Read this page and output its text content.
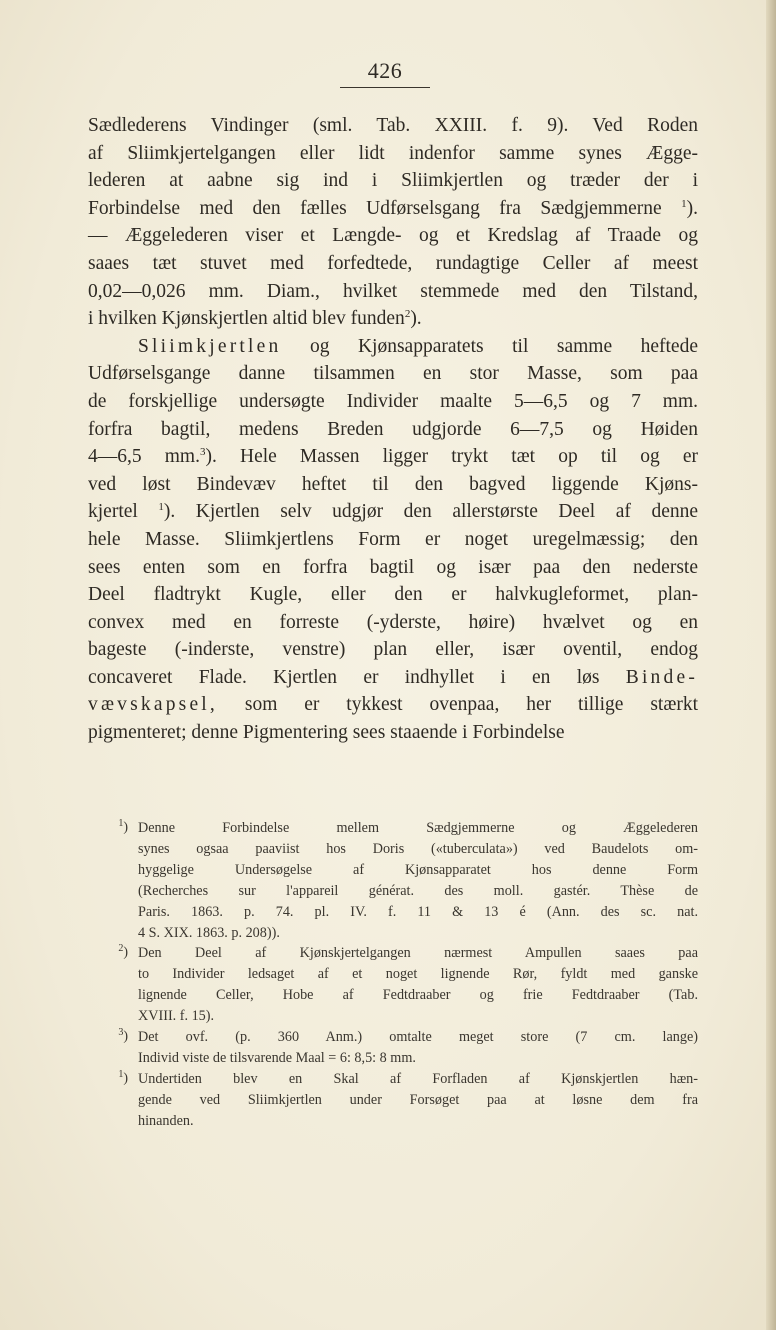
426
Sædlederens Vindinger (sml. Tab. XXIII. f. 9). Ved Roden
af Sliimkjertelgangen eller lidt indenfor samme synes Ægge-
lederen at aabne sig ind i Sliimkjertlen og træder der i
Forbindelse med den fælles Udførselsgang fra Sædgjemmerne $^1$).
— Æggelederen viser et Længde- og et Kredslag af Traade og
saaes tæt stuvet med forfedtede, rundagtige Celler af meest
0,02—0,026 mm. Diam., hvilket stemmede med den Tilstand,
i hvilken Kjønskjertlen altid blev funden$^2$).
Sliimkjertlen og Kjønsapparatets til samme heftede
Udførselsgange danne tilsammen en stor Masse, som paa
de forskjellige undersøgte Individer maalte 5—6,5 og 7 mm.
forfra bagtil, medens Breden udgjorde 6—7,5 og Høiden
4—6,5 mm.$^3$). Hele Massen ligger trykt tæt op til og er
ved løst Bindevæv heftet til den bagved liggende Kjøns-
kjertel $^1$). Kjertlen selv udgjør den allerstørste Deel af denne
hele Masse. Sliimkjertlens Form er noget uregelmæssig; den
sees enten som en forfra bagtil og især paa den nederste
Deel fladtrykt Kugle, eller den er halvkugleformet, plan-
convex med en forreste (-yderste, høire) hvælvet og en
bageste (-inderste, venstre) plan eller, især oventil, endog
concaveret Flade. Kjertlen er indhyllet i en løs Binde-
vævskapsel, som er tykkest ovenpaa, her tillige stærkt
pigmenteret; denne Pigmentering sees staaende i Forbindelse
$^1$) Denne Forbindelse mellem Sædgjemmerne og Æggelederen
synes ogsaa paaviist hos Doris («tuberculata») ved Baudelots om-
hyggelige Undersøgelse af Kjønsapparatet hos denne Form
(Recherches sur l'appareil générat. des moll. gastér. Thèse de
Paris. 1863. p. 74. pl. IV. f. 11 & 13 é (Ann. des sc. nat.
4 S. XIX. 1863. p. 208)).
$^2$) Den Deel af Kjønskjertelgangen nærmest Ampullen saaes paa
to Individer ledsaget af et noget lignende Rør, fyldt med ganske
lignende Celler, Hobe af Fedtdraaber og frie Fedtdraaber (Tab.
XVIII. f. 15).
$^3$) Det ovf. (p. 360 Anm.) omtalte meget store (7 cm. lange)
Individ viste de tilsvarende Maal = 6: 8,5: 8 mm.
$^1$) Undertiden blev en Skal af Forfladen af Kjønskjertlen hæn-
gende ved Sliimkjertlen under Forsøget paa at løsne dem fra
hinanden.
